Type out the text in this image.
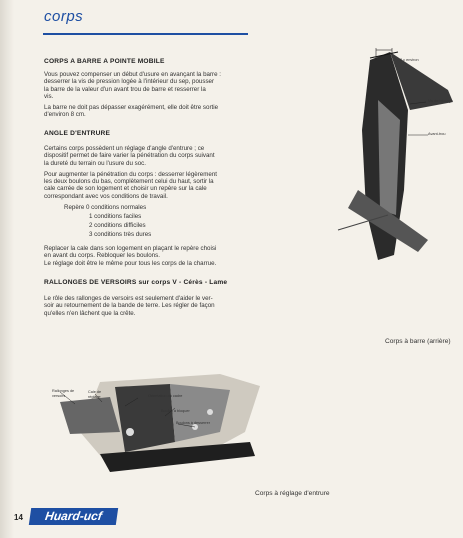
corps
CORPS A BARRE A POINTE MOBILE

Vous pouvez compenser un début d'usure en avançant la barre :

desserrer la vis de pression logée à l'intérieur du sep, pousser

la barre de la valeur d'un avant trou de barre et resserrer la

vis.

La barre ne doit pas dépasser exagérément, elle doit être sortie

d'environ 8 cm.

ANGLE D'ENTRURE

Certains corps possèdent un réglage d'angle d'entrure ; ce

dispositif permet de faire varier la pénétration du corps suivant

la dureté du terrain ou l'usure du soc.

Pour augmenter la pénétration du corps : desserrer légèrement

les deux boulons du bas, complètement celui du haut, sortir la

cale carrée de son logement et choisir un repère sur la cale

correspondant avec vos conditions de travail.

Repère 0 conditions normales
1 conditions faciles
2 conditions difficiles
3 conditions très dures

Replacer la cale dans son logement en plaçant le repère choisi

en avant du corps. Rebloquer les boulons.

Le réglage doit être le même pour tous les corps de la charrue.

RALLONGES DE VERSOIRS sur corps V - Cérès - Lame

Le rôle des rallonges de versoirs est seulement d'aider le ver-

soir au retournement de la bande de terre. Les régler de façon

qu'elles n'en lâchent que la crête.

8 c environ
Vis de blocage
Avant-trou
Corps à barre (arrière)
Rallonges de versoirs
Cale de réglage	Orientation du cadre
Boulon à bloquer
Boulons à desserrer
Corps à réglage d'entrure
14	Huard-ucf
